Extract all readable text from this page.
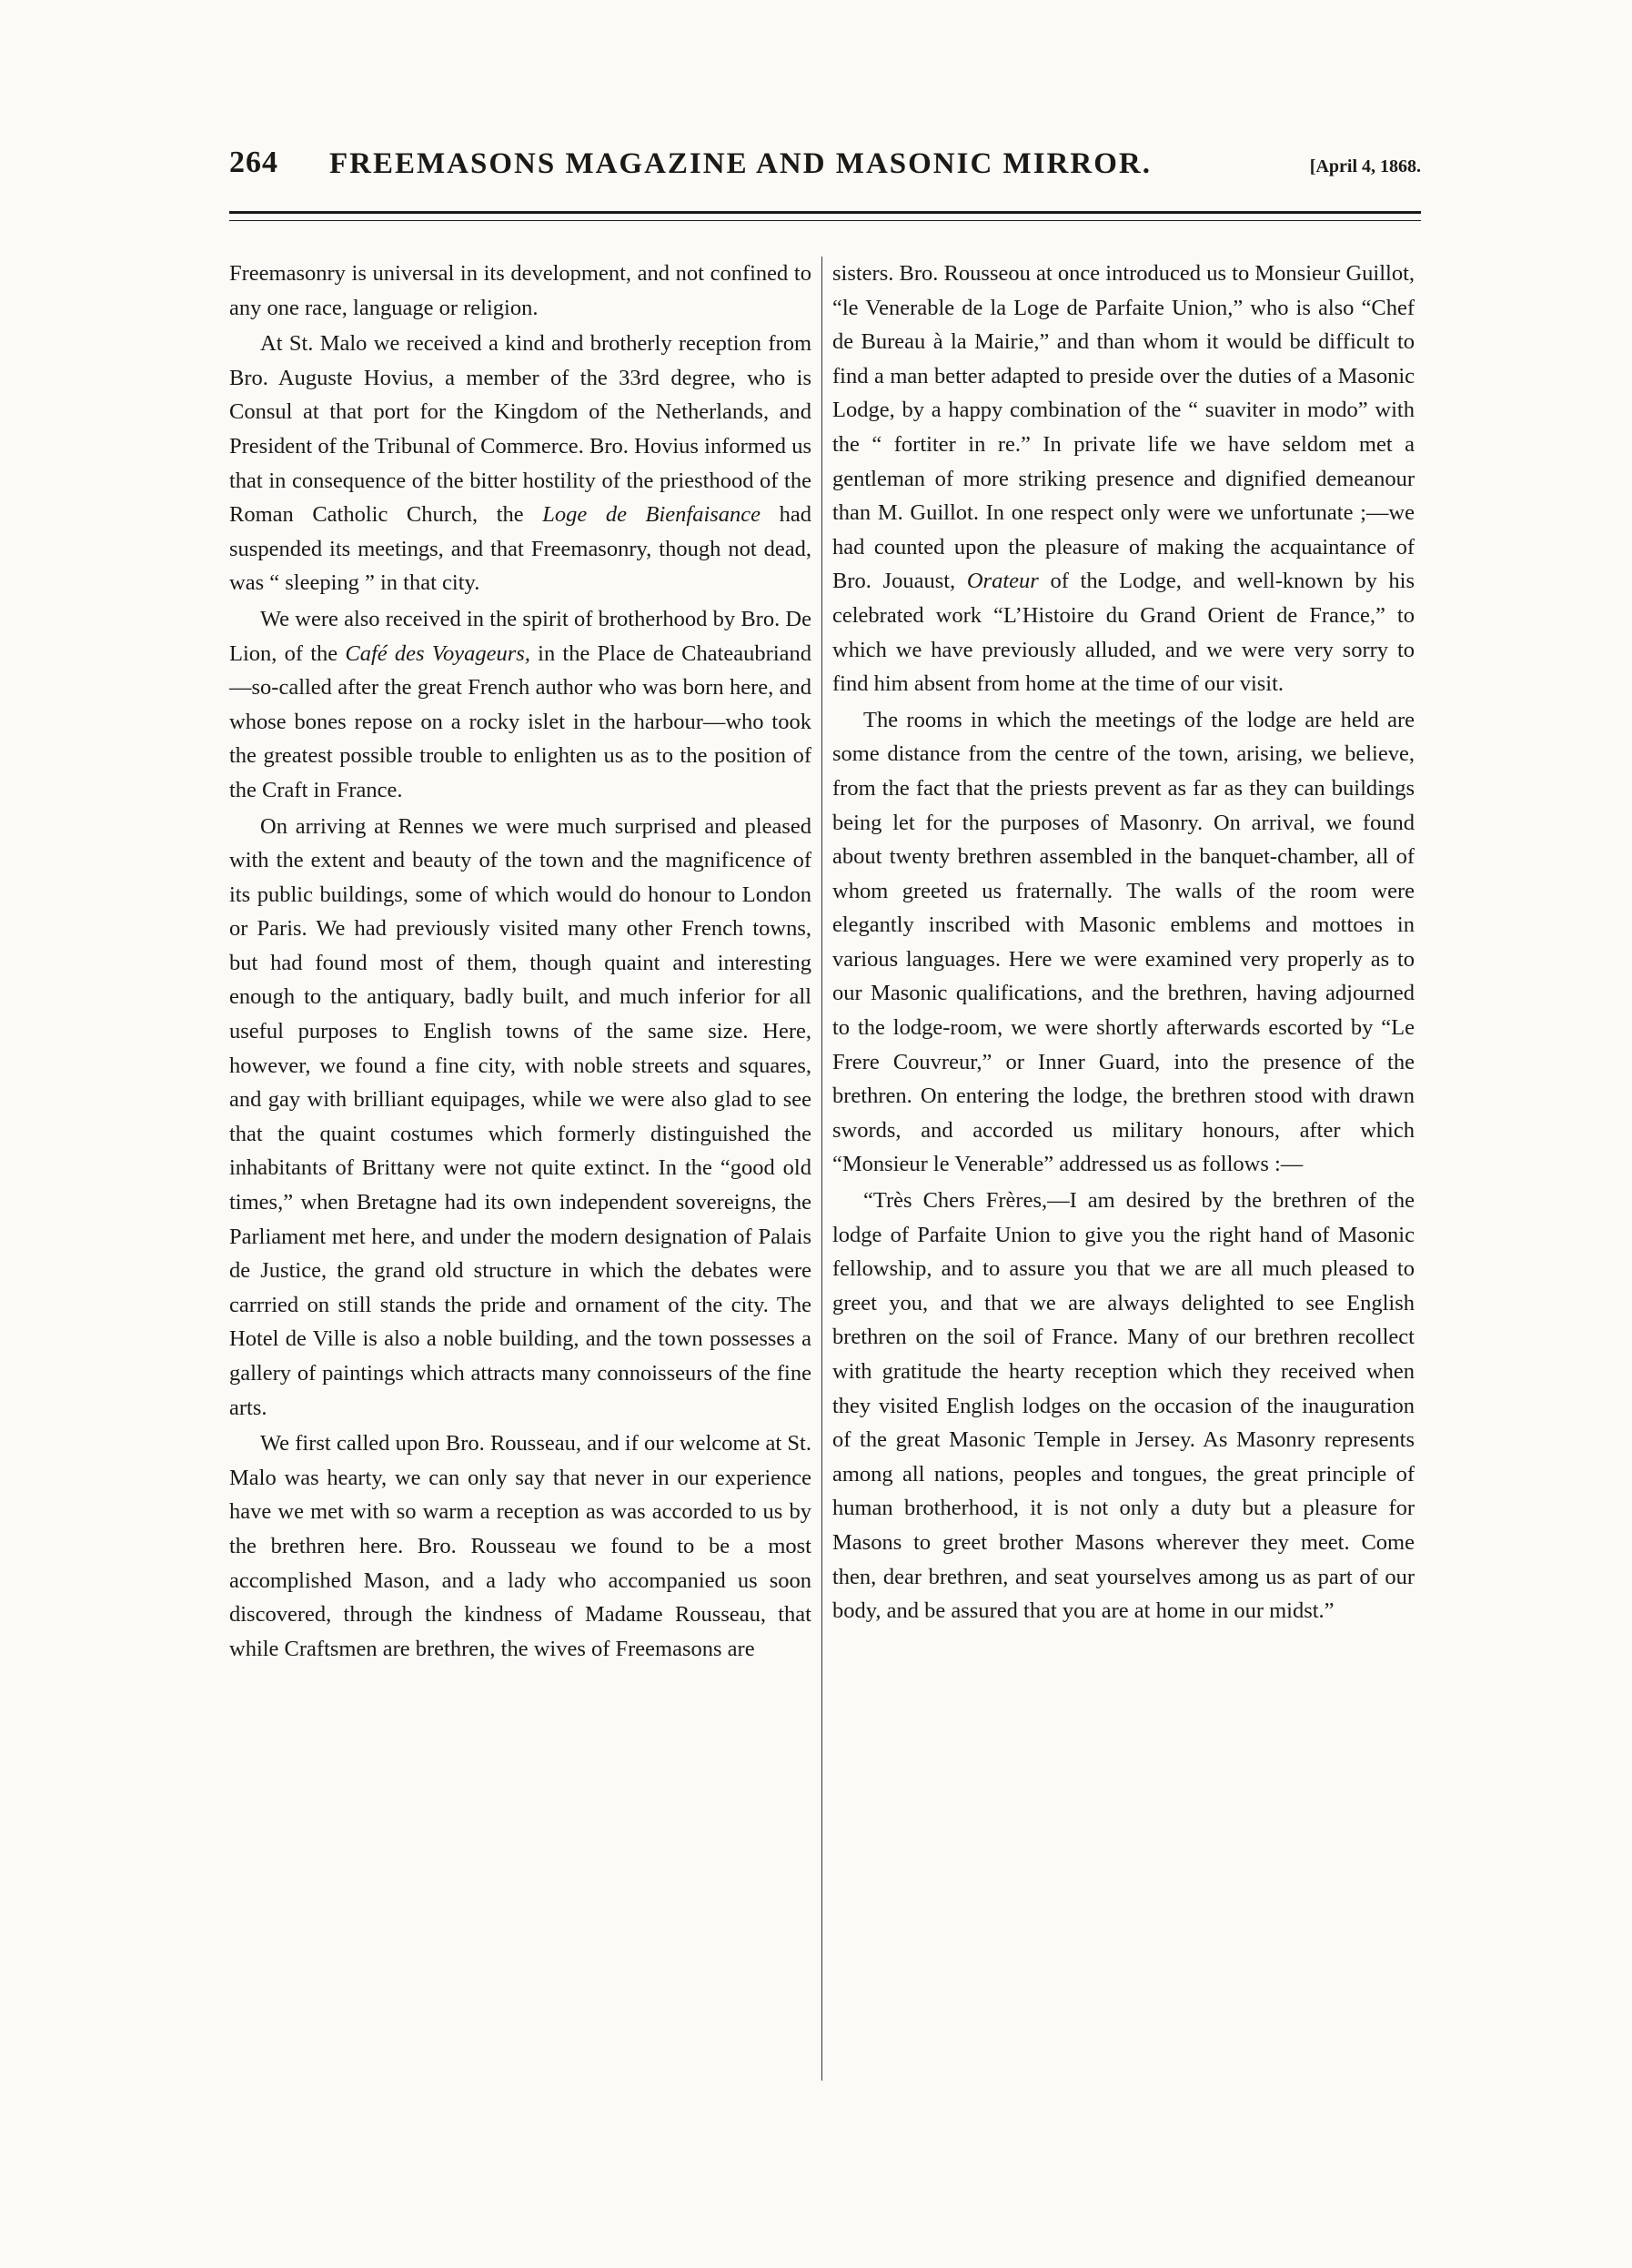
264 FREEMASONS MAGAZINE AND MASONIC MIRROR.	[April 4, 1868.

Freemasonry is universal in its development, and not confined to any one race, language or religion.

At St. Malo we received a kind and brotherly reception from Bro. Auguste Hovius, a member of the 33rd degree, who is Consul at that port for the Kingdom of the Netherlands, and President of the Tribunal of Commerce. Bro. Hovius informed us that in consequence of the bitter hostility of the priesthood of the Roman Catholic Church, the Loge de Bienfaisance had suspended its meetings, and that Freemasonry, though not dead, was “ sleeping ” in that city.

We were also received in the spirit of brotherhood by Bro. De Lion, of the Café des Voyageurs, in the Place de Chateaubriand—so-called after the great French author who was born here, and whose bones repose on a rocky islet in the harbour—who took the greatest possible trouble to enlighten us as to the position of the Craft in France.

On arriving at Rennes we were much surprised and pleased with the extent and beauty of the town and the magnificence of its public buildings, some of which would do honour to London or Paris. We had previously visited many other French towns, but had found most of them, though quaint and interesting enough to the antiquary, badly built, and much inferior for all useful purposes to English towns of the same size. Here, however, we found a fine city, with noble streets and squares, and gay with brilliant equipages, while we were also glad to see that the quaint costumes which formerly distinguished the inhabitants of Brittany were not quite extinct. In the “good old times,” when Bretagne had its own independent sovereigns, the Parliament met here, and under the modern designation of Palais de Justice, the grand old structure in which the debates were carrried on still stands the pride and ornament of the city. The Hotel de Ville is also a noble building, and the town possesses a gallery of paintings which attracts many connoisseurs of the fine arts.

We first called upon Bro. Rousseau, and if our welcome at St. Malo was hearty, we can only say that never in our experience have we met with so warm a reception as was accorded to us by the brethren here. Bro. Rousseau we found to be a most accomplished Mason, and a lady who accompanied us soon discovered, through the kindness of Madame Rousseau, that while Craftsmen are brethren, the wives of Freemasons are

sisters. Bro. Rousseou at once introduced us to Monsieur Guillot, “le Venerable de la Loge de Parfaite Union,” who is also “Chef de Bureau à la Mairie,” and than whom it would be difficult to find a man better adapted to preside over the duties of a Masonic Lodge, by a happy combination of the “ suaviter in modo” with the “ fortiter in re.” In private life we have seldom met a gentleman of more striking presence and dignified demeanour than M. Guillot. In one respect only were we unfortunate ;—we had counted upon the pleasure of making the acquaintance of Bro. Jouaust, Orateur of the Lodge, and well-known by his celebrated work “L’Histoire du Grand Orient de France,” to which we have previously alluded, and we were very sorry to find him absent from home at the time of our visit.

The rooms in which the meetings of the lodge are held are some distance from the centre of the town, arising, we believe, from the fact that the priests prevent as far as they can buildings being let for the purposes of Masonry. On arrival, we found about twenty brethren assembled in the banquet-chamber, all of whom greeted us fraternally. The walls of the room were elegantly inscribed with Masonic emblems and mottoes in various languages. Here we were examined very properly as to our Masonic qualifications, and the brethren, having adjourned to the lodge-room, we were shortly afterwards escorted by “Le Frere Couvreur,” or Inner Guard, into the presence of the brethren. On entering the lodge, the brethren stood with drawn swords, and accorded us military honours, after which “Monsieur le Venerable” addressed us as follows :—

“Très Chers Frères,—I am desired by the brethren of the lodge of Parfaite Union to give you the right hand of Masonic fellowship, and to assure you that we are all much pleased to greet you, and that we are always delighted to see English brethren on the soil of France. Many of our brethren recollect with gratitude the hearty reception which they received when they visited English lodges on the occasion of the inauguration of the great Masonic Temple in Jersey. As Masonry represents among all nations, peoples and tongues, the great principle of human brotherhood, it is not only a duty but a pleasure for Masons to greet brother Masons wherever they meet. Come then, dear brethren, and seat yourselves among us as part of our body, and be assured that you are at home in our midst.”
